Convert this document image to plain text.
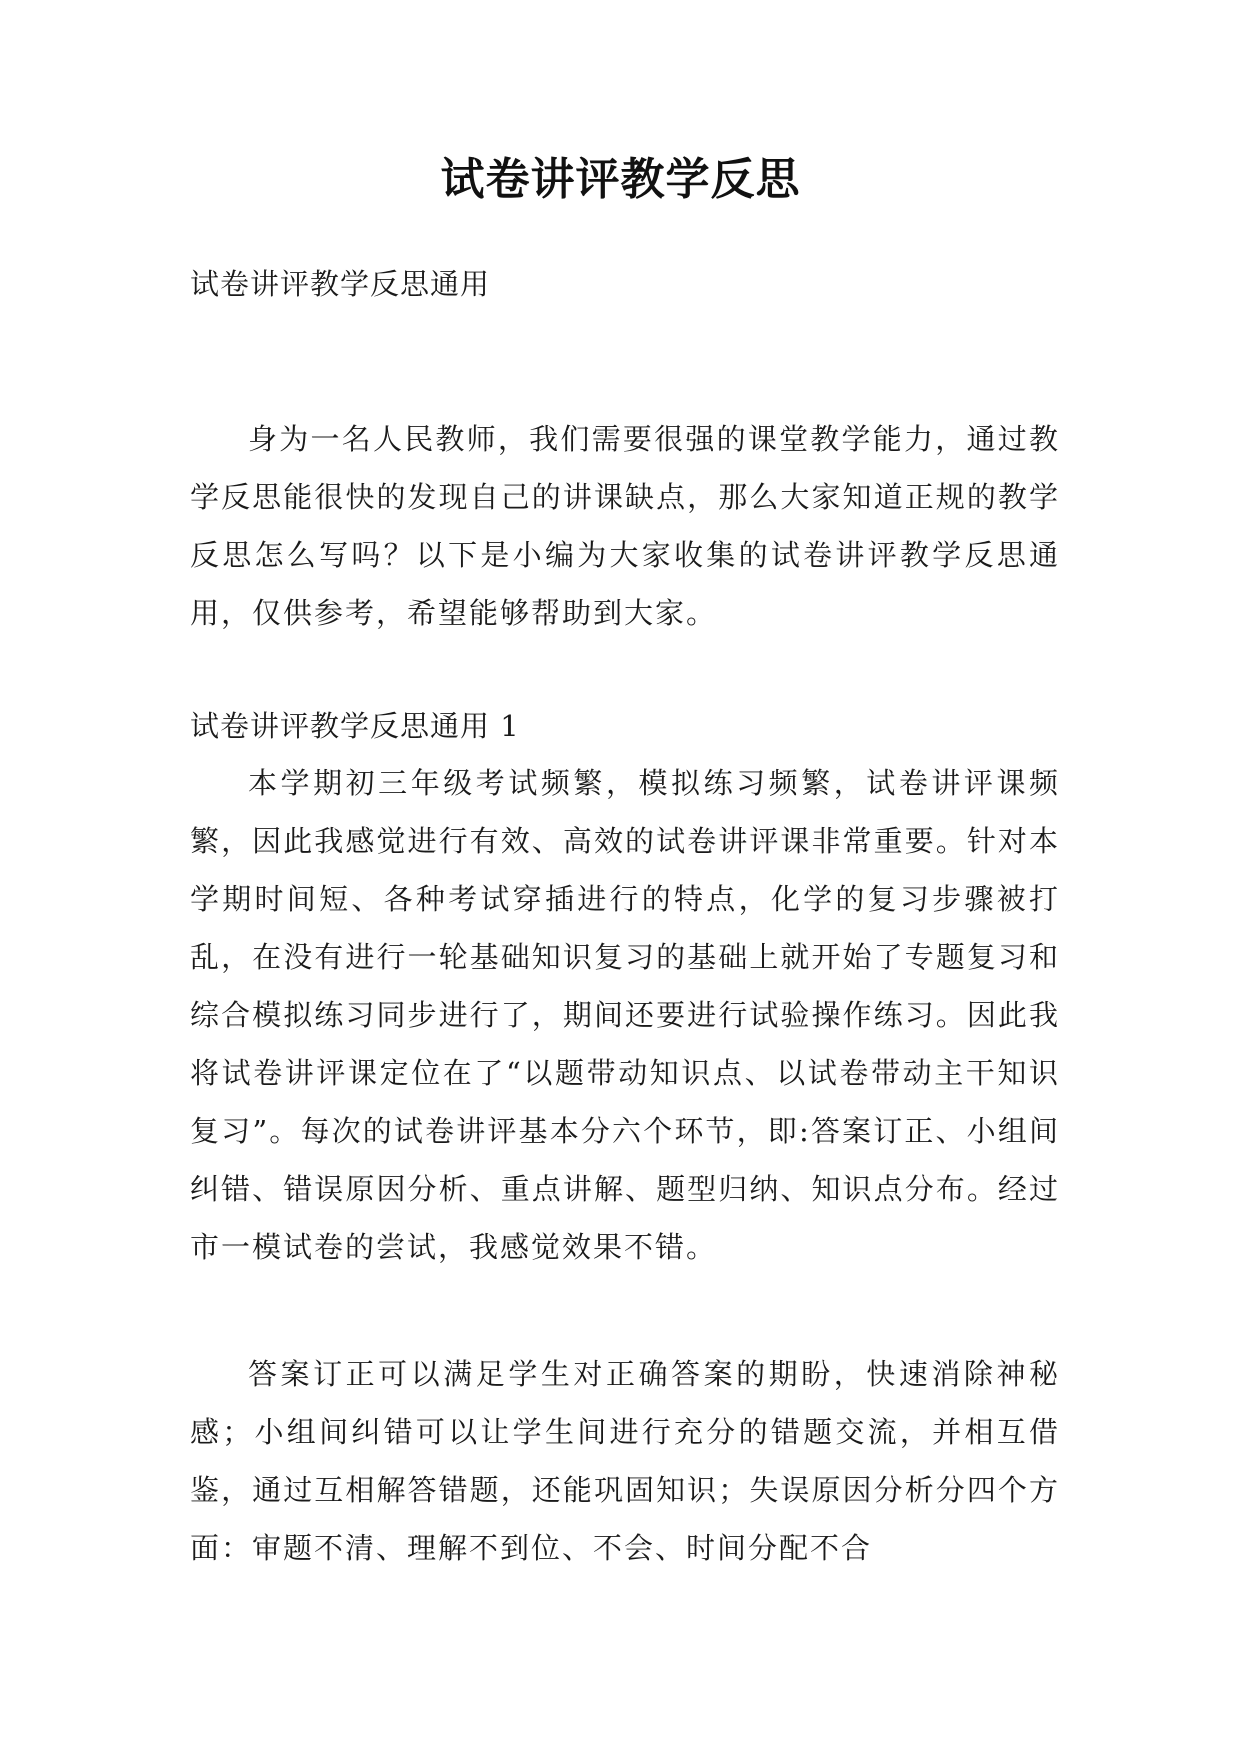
试卷讲评教学反思
试卷讲评教学反思通用

身为一名人民教师，我们需要很强的课堂教学能力，通过教学反思能很快的发现自己的讲课缺点，那么大家知道正规的教学反思怎么写吗？以下是小编为大家收集的试卷讲评教学反思通用，仅供参考，希望能够帮助到大家。

试卷讲评教学反思通用 1

本学期初三年级考试频繁，模拟练习频繁，试卷讲评课频繁，因此我感觉进行有效、高效的试卷讲评课非常重要。针对本学期时间短、各种考试穿插进行的特点，化学的复习步骤被打乱，在没有进行一轮基础知识复习的基础上就开始了专题复习和综合模拟练习同步进行了，期间还要进行试验操作练习。因此我将试卷讲评课定位在了“以题带动知识点、以试卷带动主干知识复习”。每次的试卷讲评基本分六个环节，即:答案订正、小组间纠错、错误原因分析、重点讲解、题型归纳、知识点分布。经过市一模试卷的尝试，我感觉效果不错。

答案订正可以满足学生对正确答案的期盼，快速消除神秘感；小组间纠错可以让学生间进行充分的错题交流，并相互借鉴，通过互相解答错题，还能巩固知识；失误原因分析分四个方面：审题不清、理解不到位、不会、时间分配不合
